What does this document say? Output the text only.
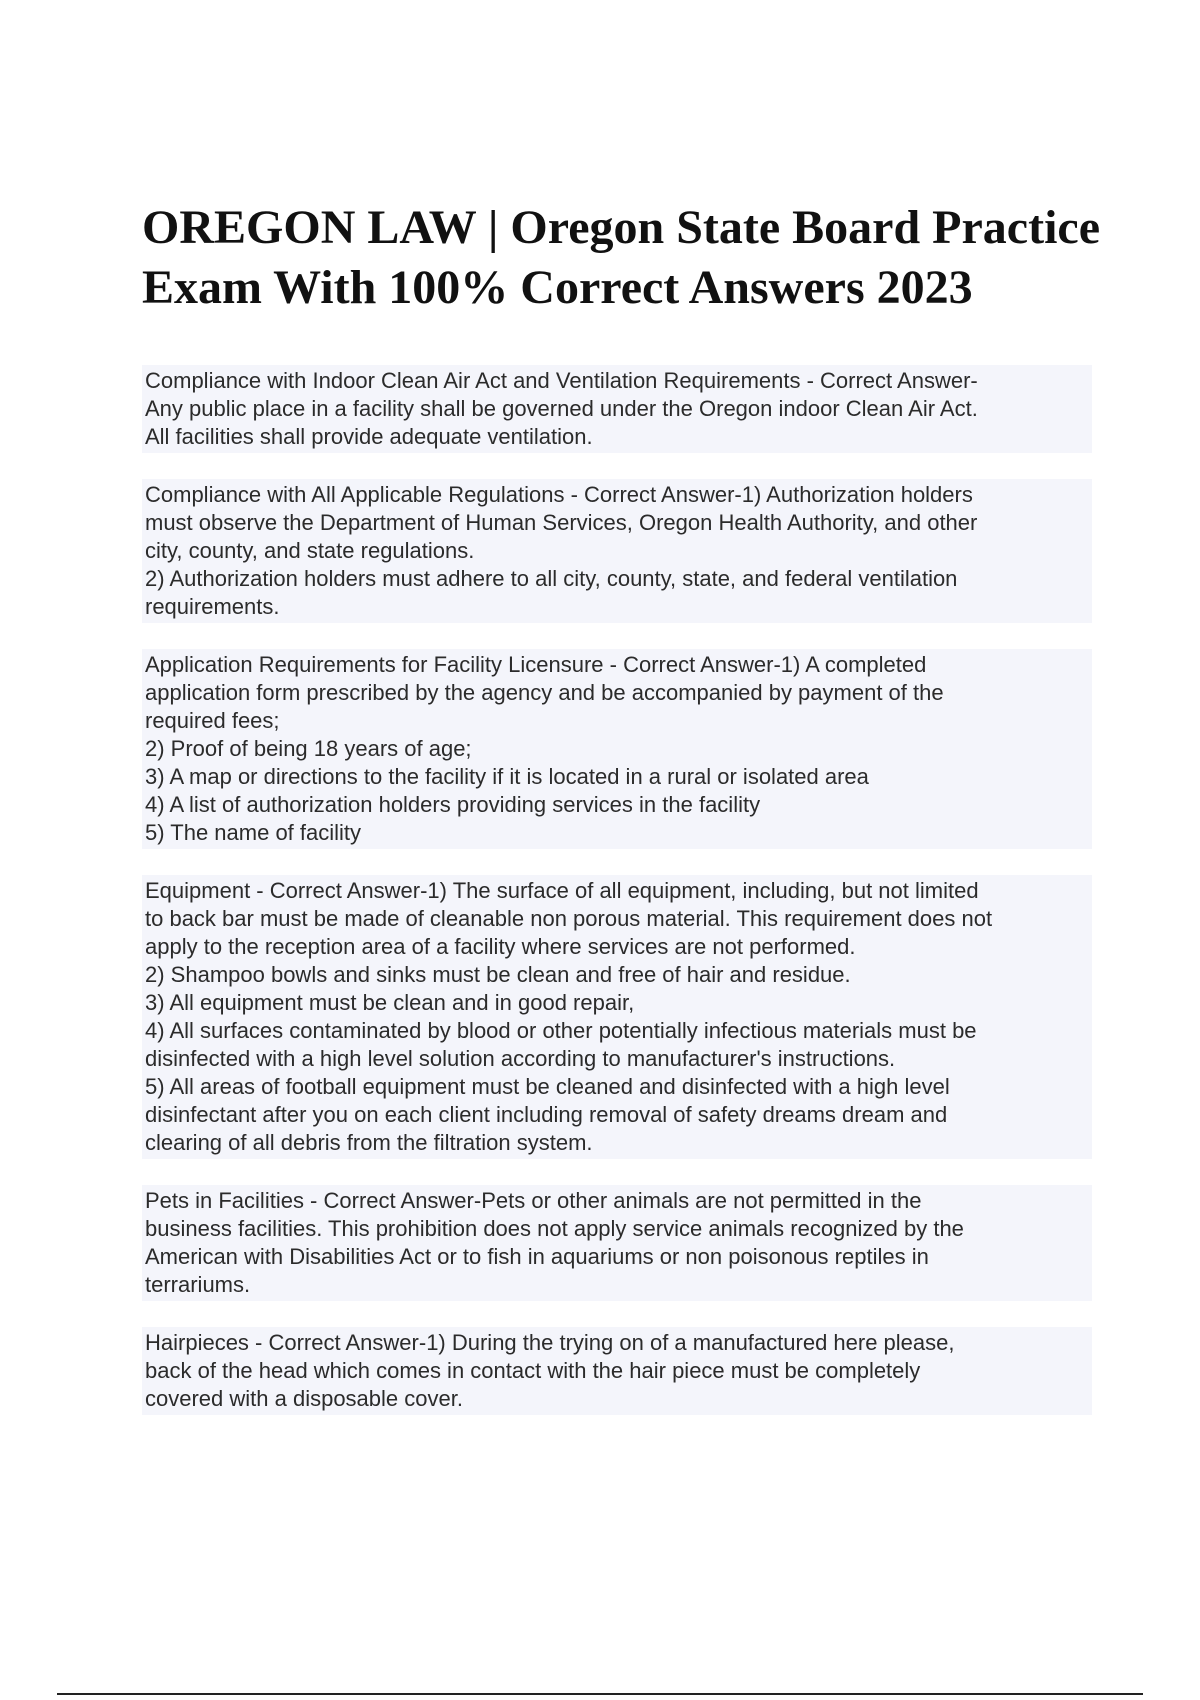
OREGON LAW | Oregon State Board Practice
Exam With 100% Correct Answers 2023
Compliance with Indoor Clean Air Act and Ventilation Requirements - Correct Answer-
Any public place in a facility shall be governed under the Oregon indoor Clean Air Act.
All facilities shall provide adequate ventilation.
Compliance with All Applicable Regulations - Correct Answer-1) Authorization holders
must observe the Department of Human Services, Oregon Health Authority, and other
city, county, and state regulations.
2) Authorization holders must adhere to all city, county, state, and federal ventilation
requirements.
Application Requirements for Facility Licensure - Correct Answer-1) A completed
application form prescribed by the agency and be accompanied by payment of the
required fees;
2) Proof of being 18 years of age;
3) A map or directions to the facility if it is located in a rural or isolated area
4) A list of authorization holders providing services in the facility
5) The name of facility
Equipment - Correct Answer-1) The surface of all equipment, including, but not limited
to back bar must be made of cleanable non porous material. This requirement does not
apply to the reception area of a facility where services are not performed.
2) Shampoo bowls and sinks must be clean and free of hair and residue.
3) All equipment must be clean and in good repair,
4) All surfaces contaminated by blood or other potentially infectious materials must be
disinfected with a high level solution according to manufacturer's instructions.
5) All areas of football equipment must be cleaned and disinfected with a high level
disinfectant after you on each client including removal of safety dreams dream and
clearing of all debris from the filtration system.
Pets in Facilities - Correct Answer-Pets or other animals are not permitted in the
business facilities. This prohibition does not apply service animals recognized by the
American with Disabilities Act or to fish in aquariums or non poisonous reptiles in
terrariums.
Hairpieces - Correct Answer-1) During the trying on of a manufactured here please,
back of the head which comes in contact with the hair piece must be completely
covered with a disposable cover.
